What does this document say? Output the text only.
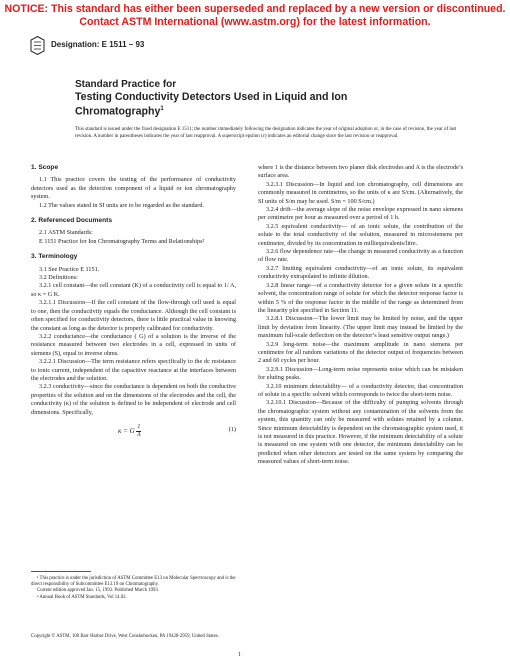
NOTICE: This standard has either been superseded and replaced by a new version or discontinued.
Contact ASTM International (www.astm.org) for the latest information.
Designation: E 1511 – 93
Standard Practice for
Testing Conductivity Detectors Used in Liquid and Ion
Chromatography$^1$
This standard is issued under the fixed designation E 1511; the number immediately following the designation indicates the year of original adoption or, in the case of revision, the year of last revision. A number in parentheses indicates the year of last reapproval. A superscript epsilon (ε) indicates an editorial change since the last revision or reapproval.
1. Scope

1.1 This practice covers the testing of the performance of conductivity detectors used as the detection component of a liquid or ion chromatography system.

1.2 The values stated in SI units are to be regarded as the standard.

2. Referenced Documents

2.1 ASTM Standards:

E 1151 Practice for Ion Chromatography Terms and Relationships²

3. Terminology

3.1 See Practice E 1151.

3.2 Definitions:

3.2.1 cell constant—the cell constant (K) of a conductivity cell is equal to 1/ A, so κ = G K.

3.2.1.1 Discussion—If the cell constant of the flow-through cell used is equal to one, then the conductivity equals the conductance. Although the cell constant is often specified for conductivity detectors, there is little practical value in knowing the constant as long as the detector is properly calibrated for conductivity.

3.2.2 conductance—the conductance ( G) of a solution is the inverse of the resistance measured between two electrodes in a cell, expressed in units of siemens (S), equal to inverse ohms.

3.2.2.1 Discussion—The term resistance refers specifically to the dc resistance to ionic current, independent of the capacitive reactance at the interfaces between the electrodes and the solution.

3.2.3 conductivity—since the conductance is dependent on both the conductive properties of the solution and on the dimensions of the electrodes and the cell, the conductivity (κ) of the solution is defined to be independent of electrode and cell dimensions. Specifically,

κ = G $\frac{1}{A}$	(1)

where 1 is the distance between two planer disk electrodes and A is the electrode’s surface area.

3.2.3.1 Discussion—In liquid and ion chromatography, cell dimensions are commonly measured in centimetres, so the units of κ are S/cm. (Alternatively, the SI units of S/m may be used. S/m = 100 S/cm.)

3.2.4 drift—the average slope of the noise envelope expressed in nano siemens per centimetre per hour as measured over a period of 1 h.

3.2.5 equivalent conductivity— of an ionic solute, the contribution of the solute to the total conductivity of the solution, measured in microsiemens per centimetre, divided by its concentration in milliequivalents/litre.

3.2.6 flow dependence rate—the change in measured conductivity as a function of flow rate.

3.2.7 limiting equivalent conductivity—of an ionic solute, its equivalent conductivity extrapolated to infinite dilution.

3.2.8 linear range—of a conductivity detector for a given solute in a specific solvent, the concentration range of solute for which the detector response factor is within 5 % of the response factor in the middle of the range as determined from the linearity plot specified in Section 11.

3.2.8.1 Discussion—The lower limit may be limited by noise, and the upper limit by deviation from linearity. (The upper limit may instead be limited by the maximum full-scale deflection on the detector’s least sensitive output range.)

3.2.9 long-term noise—the maximum amplitude in nano siemens per centimetre for all random variations of the detector output of frequencies between 2 and 60 cycles per hour.

3.2.9.1 Discussion—Long-term noise represents noise which can be mistaken for eluting peaks.

3.2.10 minimum detectability— of a conductivity detector, that concentration of solute in a specific solvent which corresponds to twice the short-term noise.

3.2.10.1 Discussion—Because of the difficulty of pumping solvents through the chromatographic system without any contamination of the solvents from the system, this quantity can only be measured with solutes retained by a column. Since minimum detectability is dependent on the chromatographic system used, it is not measured in this practice. However, if the minimum detectability of a solute is measured on one system with one detector, the minimum detectability can be predicted when other detectors are tested on the same system by comparing the measured values of short-term noise.

¹ This practice is under the jurisdiction of ASTM Committee E13 on Molecular Spectroscopy and is the direct responsibility of Subcommittee E13.19 on Chromatography.

Current edition approved Jan. 15, 1993. Published March 1993.

² Annual Book of ASTM Standards, Vol 14.02.

Copyright © ASTM, 100 Barr Harbor Drive, West Conshohocken, PA 19428-2959, United States.
1
